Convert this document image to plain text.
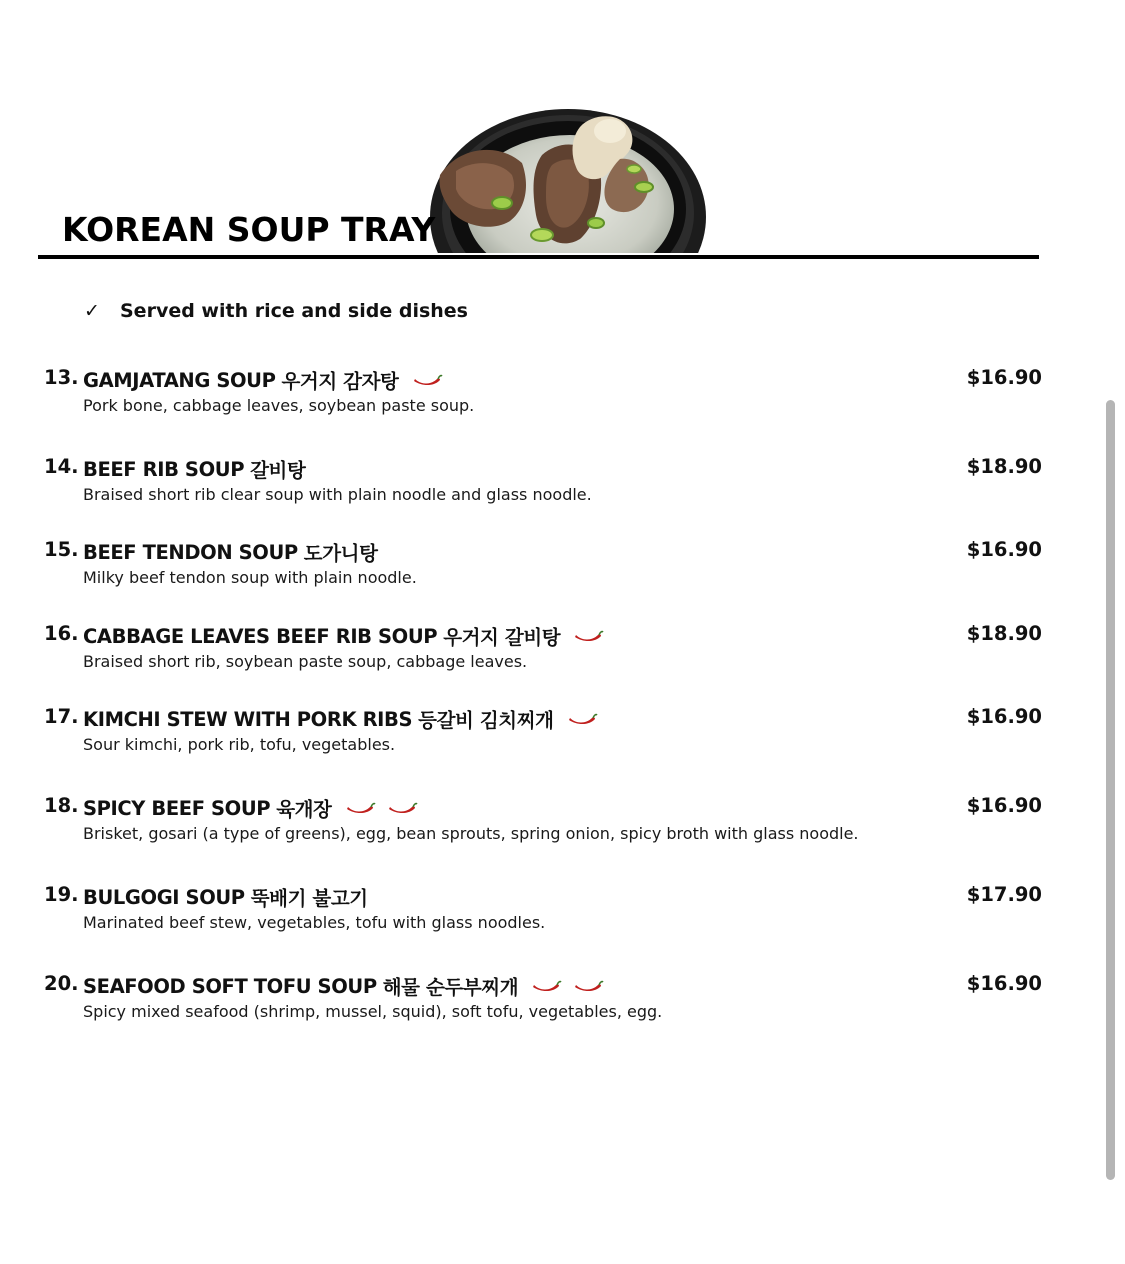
KOREAN SOUP TRAY
✓ Served with rice and side dishes
13. GAMJATANG SOUP 우거지 감자탕	$16.90
Pork bone, cabbage leaves, soybean paste soup.
14. BEEF RIB SOUP 갈비탕	$18.90
Braised short rib clear soup with plain noodle and glass noodle.
15. BEEF TENDON SOUP 도가니탕	$16.90
Milky beef tendon soup with plain noodle.
16. CABBAGE LEAVES BEEF RIB SOUP 우거지 갈비탕	$18.90
Braised short rib, soybean paste soup, cabbage leaves.
17. KIMCHI STEW WITH PORK RIBS 등갈비 김치찌개	$16.90
Sour kimchi, pork rib, tofu, vegetables.
18. SPICY BEEF SOUP 육개장	$16.90
Brisket, gosari (a type of greens), egg, bean sprouts, spring onion, spicy broth with glass noodle.
19. BULGOGI SOUP 뚝배기 불고기	$17.90
Marinated beef stew, vegetables, tofu with glass noodles.
20. SEAFOOD SOFT TOFU SOUP 해물 순두부찌개	$16.90
Spicy mixed seafood (shrimp, mussel, squid), soft tofu, vegetables, egg.
